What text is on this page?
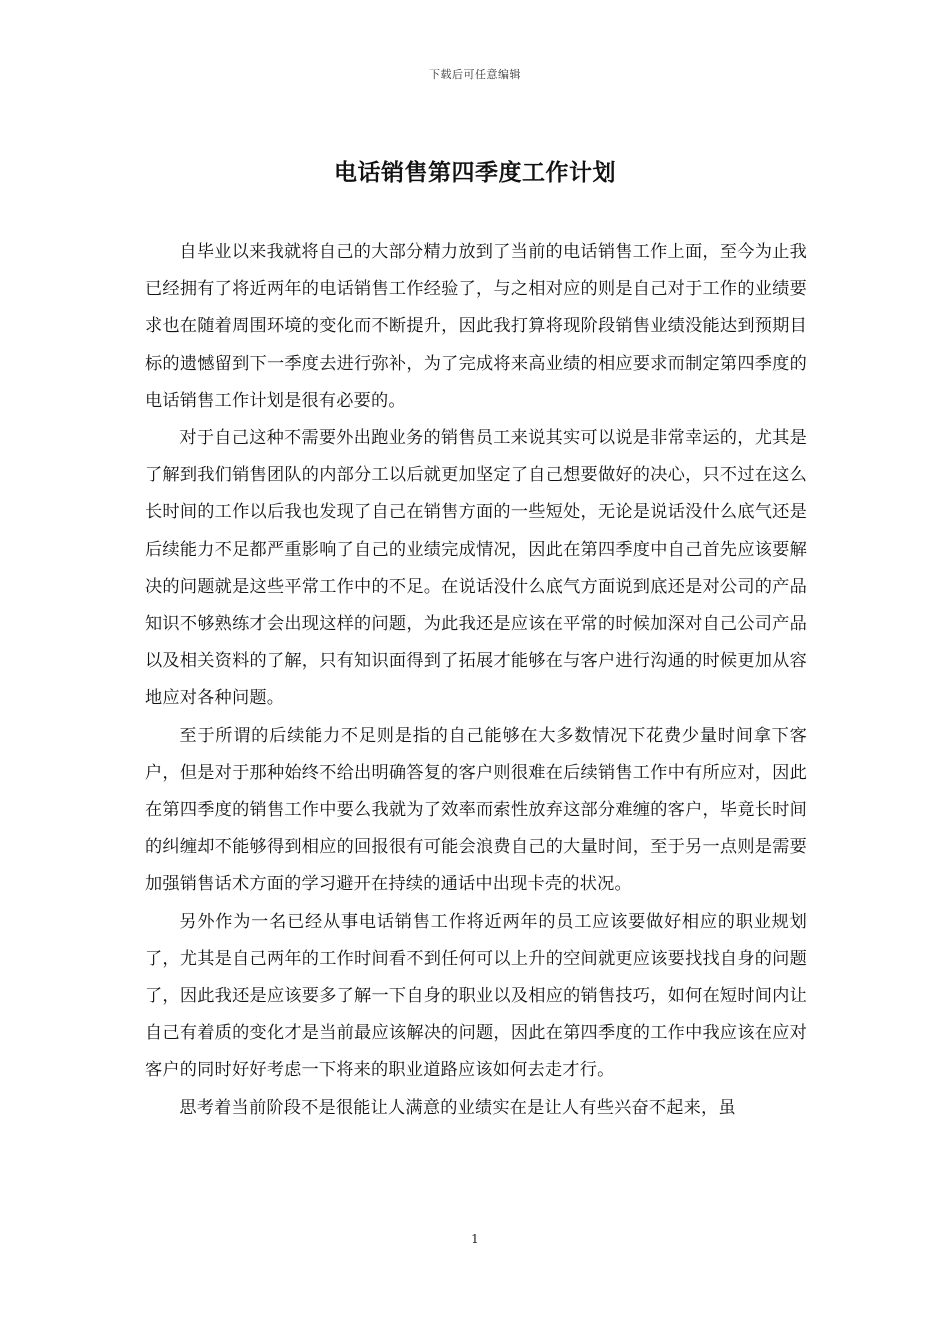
下载后可任意编辑
电话销售第四季度工作计划

自毕业以来我就将自己的大部分精力放到了当前的电话销售工作上面，至今为止我已经拥有了将近两年的电话销售工作经验了，与之相对应的则是自己对于工作的业绩要求也在随着周围环境的变化而不断提升，因此我打算将现阶段销售业绩没能达到预期目标的遗憾留到下一季度去进行弥补，为了完成将来高业绩的相应要求而制定第四季度的电话销售工作计划是很有必要的。

对于自己这种不需要外出跑业务的销售员工来说其实可以说是非常幸运的，尤其是了解到我们销售团队的内部分工以后就更加坚定了自己想要做好的决心，只不过在这么长时间的工作以后我也发现了自己在销售方面的一些短处，无论是说话没什么底气还是后续能力不足都严重影响了自己的业绩完成情况，因此在第四季度中自己首先应该要解决的问题就是这些平常工作中的不足。在说话没什么底气方面说到底还是对公司的产品知识不够熟练才会出现这样的问题，为此我还是应该在平常的时候加深对自己公司产品以及相关资料的了解，只有知识面得到了拓展才能够在与客户进行沟通的时候更加从容地应对各种问题。

至于所谓的后续能力不足则是指的自己能够在大多数情况下花费少量时间拿下客户，但是对于那种始终不给出明确答复的客户则很难在后续销售工作中有所应对，因此在第四季度的销售工作中要么我就为了效率而索性放弃这部分难缠的客户，毕竟长时间的纠缠却不能够得到相应的回报很有可能会浪费自己的大量时间，至于另一点则是需要加强销售话术方面的学习避开在持续的通话中出现卡壳的状况。

另外作为一名已经从事电话销售工作将近两年的员工应该要做好相应的职业规划了，尤其是自己两年的工作时间看不到任何可以上升的空间就更应该要找找自身的问题了，因此我还是应该要多了解一下自身的职业以及相应的销售技巧，如何在短时间内让自己有着质的变化才是当前最应该解决的问题，因此在第四季度的工作中我应该在应对客户的同时好好考虑一下将来的职业道路应该如何去走才行。

思考着当前阶段不是很能让人满意的业绩实在是让人有些兴奋不起来，虽

1
